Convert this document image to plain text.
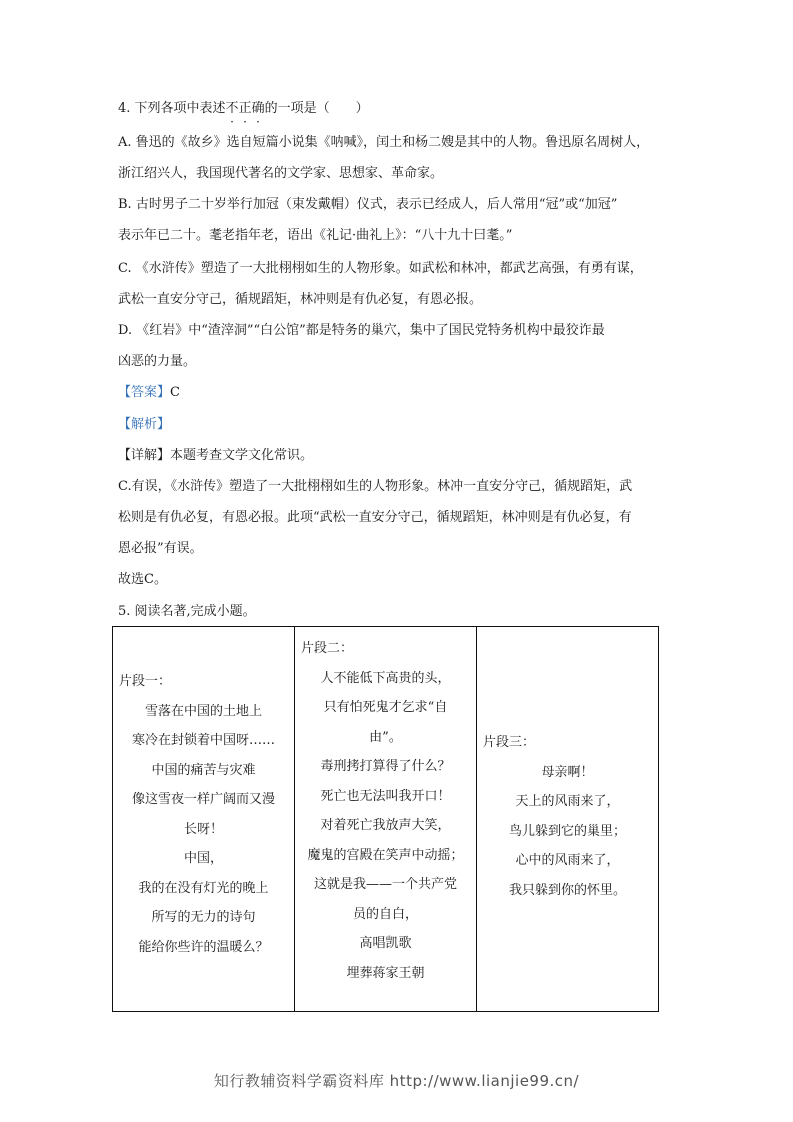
4. 下列各项中表述不正确的一项是（　　）
A. 鲁迅的《故乡》选自短篇小说集《呐喊》，闰土和杨二嫂是其中的人物。鲁迅原名周树人，
浙江绍兴人，我国现代著名的文学家、思想家、革命家。
B. 古时男子二十岁举行加冠（束发戴帽）仪式，表示已经成人，后人常用“冠”或“加冠”
表示年已二十。耄老指年老，语出《礼记·曲礼上》：“八十九十曰耄。”
C. 《水浒传》塑造了一大批栩栩如生的人物形象。如武松和林冲，都武艺高强，有勇有谋，
武松一直安分守己，循规蹈矩，林冲则是有仇必复，有恩必报。
D. 《红岩》中“渣滓洞”“白公馆”都是特务的巢穴，集中了国民党特务机构中最狡诈最
凶恶的力量。
【答案】C
【解析】
【详解】本题考查文学文化常识。
C.有误，《水浒传》塑造了一大批栩栩如生的人物形象。林冲一直安分守己，循规蹈矩，武
松则是有仇必复，有恩必报。此项“武松一直安分守己，循规蹈矩，林冲则是有仇必复，有
恩必报”有误。
故选C。
5. 阅读名著,完成小题。
片段一：
雪落在中国的土地上
寒冷在封锁着中国呀……
中国的痛苦与灾难
像这雪夜一样广阔而又漫
长呀！
中国，
我的在没有灯光的晚上
所写的无力的诗句
能给你些许的温暖么？

片段二：
人不能低下高贵的头，
只有怕死鬼才乞求“自
由”。
毒刑拷打算得了什么？
死亡也无法叫我开口！
对着死亡我放声大笑，
魔鬼的宫殿在笑声中动摇；
这就是我——一个共产党
员的自白，
高唱凯歌
埋葬蒋家王朝

片段三：
母亲啊！
天上的风雨来了，
鸟儿躲到它的巢里；
心中的风雨来了，
我只躲到你的怀里。
知行教辅资料学霸资料库 http://www.lianjie99.cn/
